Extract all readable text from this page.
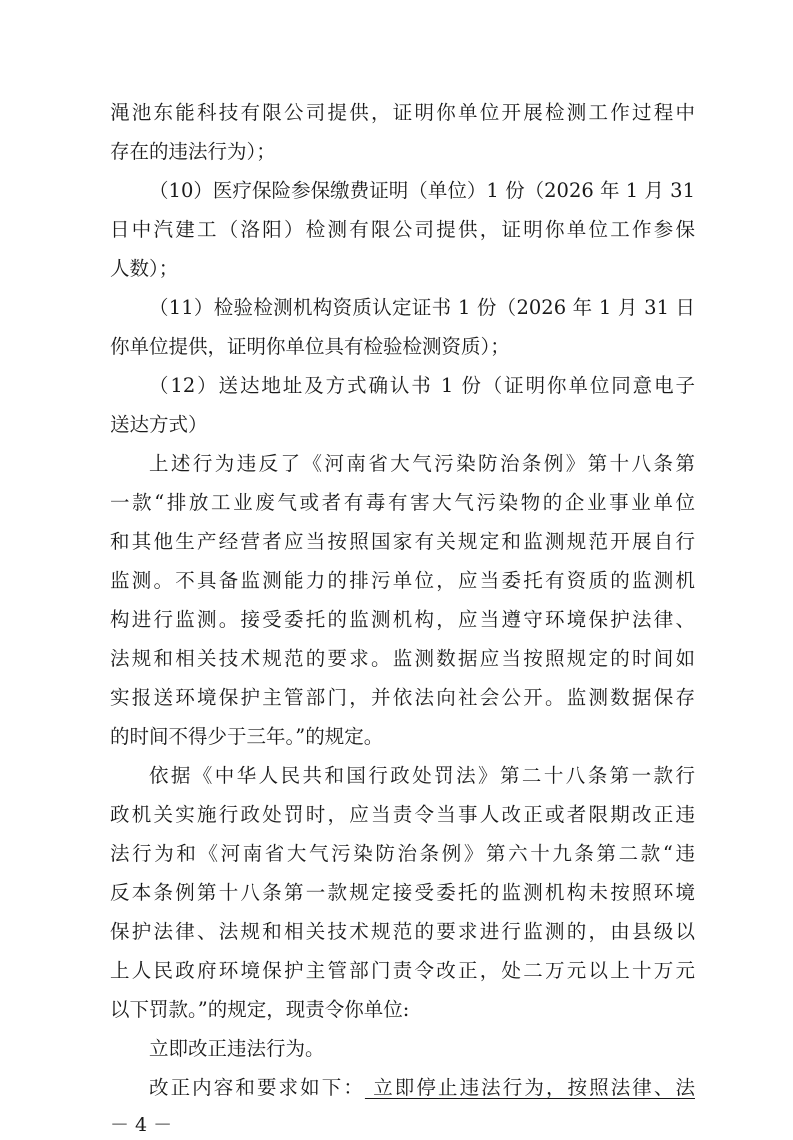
渑池东能科技有限公司提供，证明你单位开展检测工作过程中
存在的违法行为）；
（10）医疗保险参保缴费证明（单位）1 份（2026 年 1 月 31
日中汽建工（洛阳）检测有限公司提供，证明你单位工作参保
人数）；
（11）检验检测机构资质认定证书 1 份（2026 年 1 月 31 日
你单位提供，证明你单位具有检验检测资质）；
（12）送达地址及方式确认书 1 份（证明你单位同意电子
送达方式）
上述行为违反了《河南省大气污染防治条例》第十八条第
一款“排放工业废气或者有毒有害大气污染物的企业事业单位
和其他生产经营者应当按照国家有关规定和监测规范开展自行
监测。不具备监测能力的排污单位，应当委托有资质的监测机
构进行监测。接受委托的监测机构，应当遵守环境保护法律、
法规和相关技术规范的要求。监测数据应当按照规定的时间如
实报送环境保护主管部门，并依法向社会公开。监测数据保存
的时间不得少于三年。”的规定。
依据《中华人民共和国行政处罚法》第二十八条第一款行
政机关实施行政处罚时，应当责令当事人改正或者限期改正违
法行为和《河南省大气污染防治条例》第六十九条第二款“违
反本条例第十八条第一款规定接受委托的监测机构未按照环境
保护法律、法规和相关技术规范的要求进行监测的，由县级以
上人民政府环境保护主管部门责令改正，处二万元以上十万元
以下罚款。”的规定，现责令你单位:
立即改正违法行为。
改正内容和要求如下： 立即停止违法行为，按照法律、法
－ 4 －
